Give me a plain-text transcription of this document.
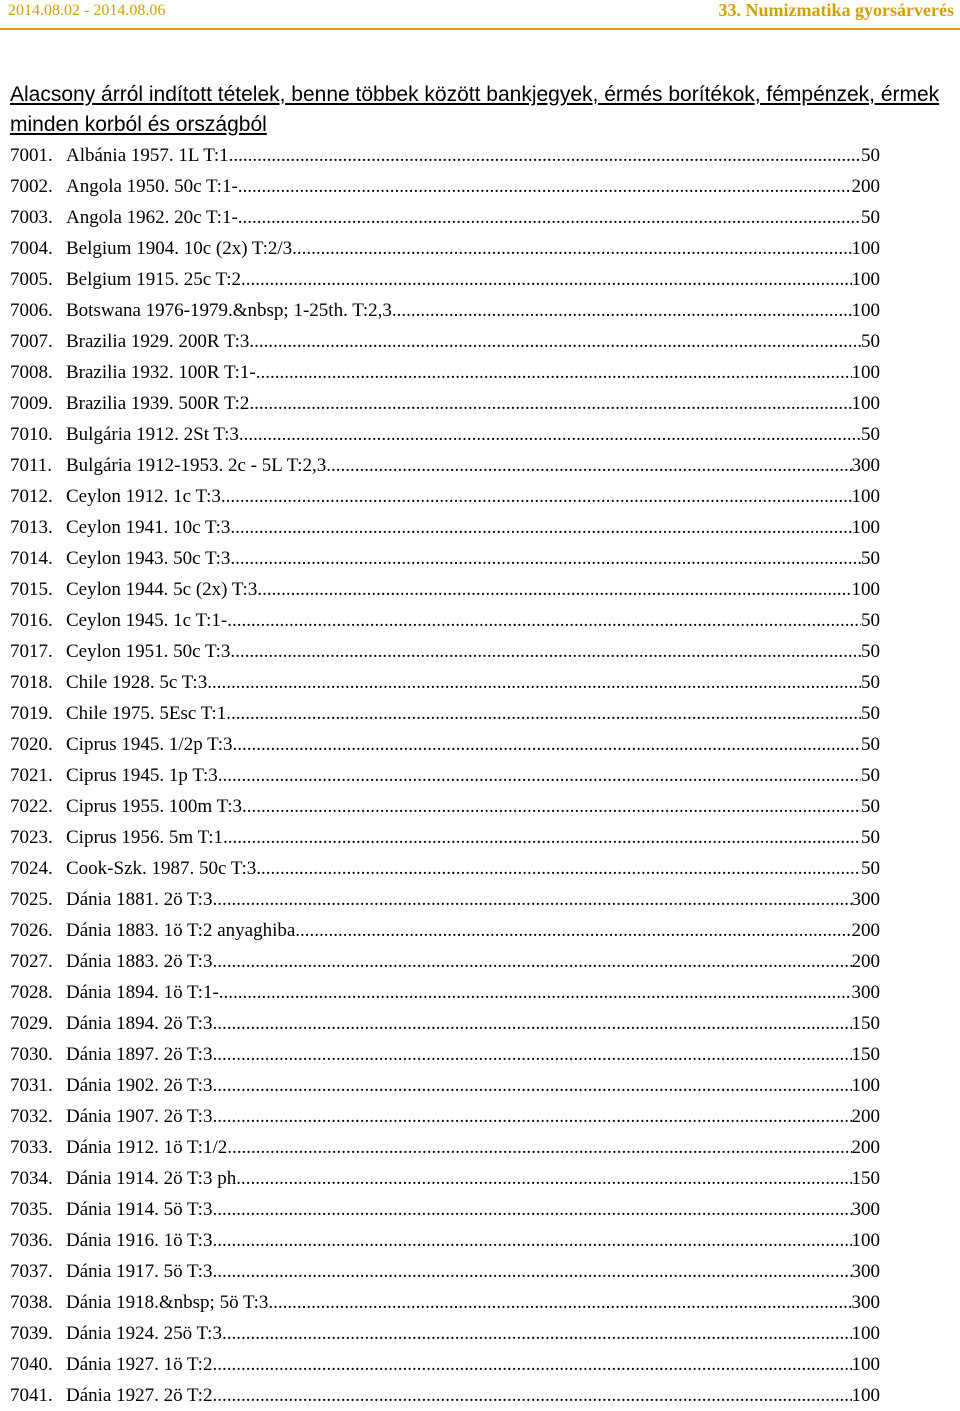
2014.08.02 - 2014.08.06	33. Numizmatika gyorsárverés
Alacsony árról indított tételek, benne többek között bankjegyek, érmés borítékok, fémpénzek, érmek minden korból és országból
7001. Albánia 1957. 1L T:1 .....	50
7002. Angola 1950. 50c T:1- .....	200
7003. Angola 1962. 20c T:1- .....	50
7004. Belgium 1904. 10c (2x) T:2/3 .....	100
7005. Belgium 1915. 25c T:2 .....	100
7006. Botswana 1976-1979.&nbsp; 1-25th. T:2,3 .....	100
7007. Brazilia 1929. 200R T:3 .....	50
7008. Brazilia 1932. 100R T:1- .....	100
7009. Brazilia 1939. 500R T:2 .....	100
7010. Bulgária 1912. 2St T:3 .....	50
7011. Bulgária 1912-1953. 2c - 5L T:2,3 .....	300
7012. Ceylon 1912. 1c T:3 .....	100
7013. Ceylon 1941. 10c T:3 .....	100
7014. Ceylon 1943. 50c T:3 .....	50
7015. Ceylon 1944. 5c (2x) T:3 .....	100
7016. Ceylon 1945. 1c T:1- .....	50
7017. Ceylon 1951. 50c T:3 .....	50
7018. Chile 1928. 5c T:3 .....	50
7019. Chile 1975. 5Esc T:1 .....	50
7020. Ciprus 1945. 1/2p T:3 .....	50
7021. Ciprus 1945. 1p T:3 .....	50
7022. Ciprus 1955. 100m T:3 .....	50
7023. Ciprus 1956. 5m T:1 .....	50
7024. Cook-Szk. 1987. 50c T:3 .....	50
7025. Dánia 1881. 2ö T:3 .....	300
7026. Dánia 1883. 1ö T:2 anyaghiba .....	200
7027. Dánia 1883. 2ö T:3 .....	200
7028. Dánia 1894. 1ö T:1- .....	300
7029. Dánia 1894. 2ö T:3 .....	150
7030. Dánia 1897. 2ö T:3 .....	150
7031. Dánia 1902. 2ö T:3 .....	100
7032. Dánia 1907. 2ö T:3 .....	200
7033. Dánia 1912. 1ö T:1/2 .....	200
7034. Dánia 1914. 2ö T:3 ph .....	150
7035. Dánia 1914. 5ö T:3 .....	300
7036. Dánia 1916. 1ö T:3 .....	100
7037. Dánia 1917. 5ö T:3 .....	300
7038. Dánia 1918.&nbsp; 5ö T:3 .....	300
7039. Dánia 1924. 25ö T:3 .....	100
7040. Dánia 1927. 1ö T:2 .....	100
7041. Dánia 1927. 2ö T:2 .....	100
